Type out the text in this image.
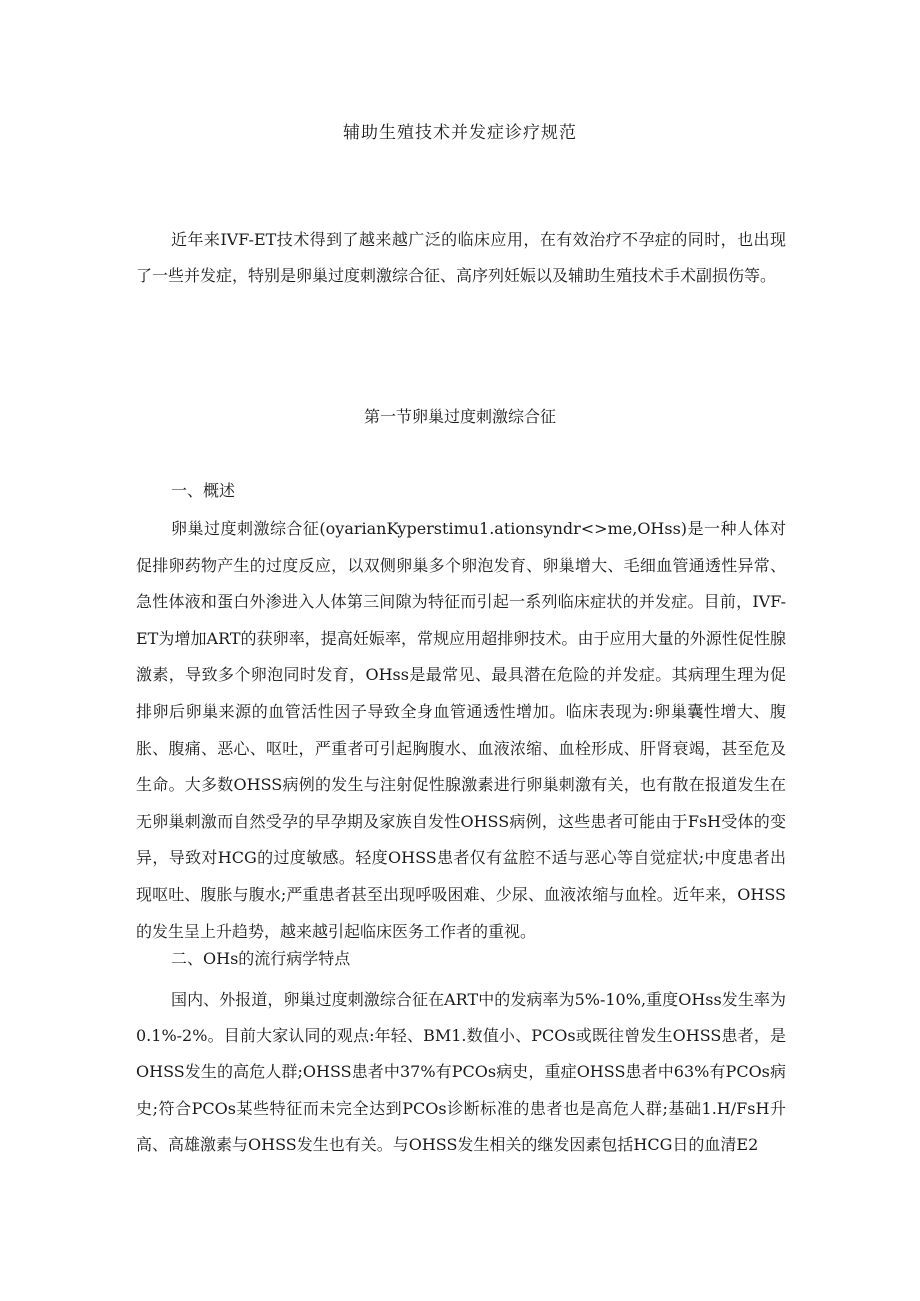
辅助生殖技术并发症诊疗规范

近年来IVF-ET技术得到了越来越广泛的临床应用，在有效治疗不孕症的同时，也出现了一些并发症，特别是卵巢过度刺激综合征、高序列妊娠以及辅助生殖技术手术副损伤等。

第一节卵巢过度刺激综合征
一、概述

卵巢过度刺激综合征(oyarianKyperstimu1.ationsyndr<>me,OHss)是一种人体对促排卵药物产生的过度反应，以双侧卵巢多个卵泡发育、卵巢增大、毛细血管通透性异常、急性体液和蛋白外渗进入人体第三间隙为特征而引起一系列临床症状的并发症。目前，IVF-ET为增加ART的获卵率，提高妊娠率，常规应用超排卵技术。由于应用大量的外源性促性腺激素，导致多个卵泡同时发育，OHss是最常见、最具潜在危险的并发症。其病理生理为促排卵后卵巢来源的血管活性因子导致全身血管通透性增加。临床表现为:卵巢囊性增大、腹胀、腹痛、恶心、呕吐，严重者可引起胸腹水、血液浓缩、血栓形成、肝肾衰竭，甚至危及生命。大多数OHSS病例的发生与注射促性腺激素进行卵巢刺激有关，也有散在报道发生在无卵巢刺激而自然受孕的早孕期及家族自发性OHSS病例，这些患者可能由于FsH受体的变异，导致对HCG的过度敏感。轻度OHSS患者仅有盆腔不适与恶心等自觉症状;中度患者出现呕吐、腹胀与腹水;严重患者甚至出现呼吸困难、少尿、血液浓缩与血栓。近年来，OHSS的发生呈上升趋势，越来越引起临床医务工作者的重视。

二、OHs的流行病学特点

国内、外报道，卵巢过度刺激综合征在ART中的发病率为5%-10%,重度OHss发生率为0.1%-2%。目前大家认同的观点:年轻、BM1.数值小、PCOs或既往曾发生OHSS患者，是OHSS发生的高危人群;OHSS患者中37%有PCOs病史，重症OHSS患者中63%有PCOs病史;符合PCOs某些特征而未完全达到PCOs诊断标准的患者也是高危人群;基础1.H/FsH升高、高雄激素与OHSS发生也有关。与OHSS发生相关的继发因素包括HCG日的血清E2
